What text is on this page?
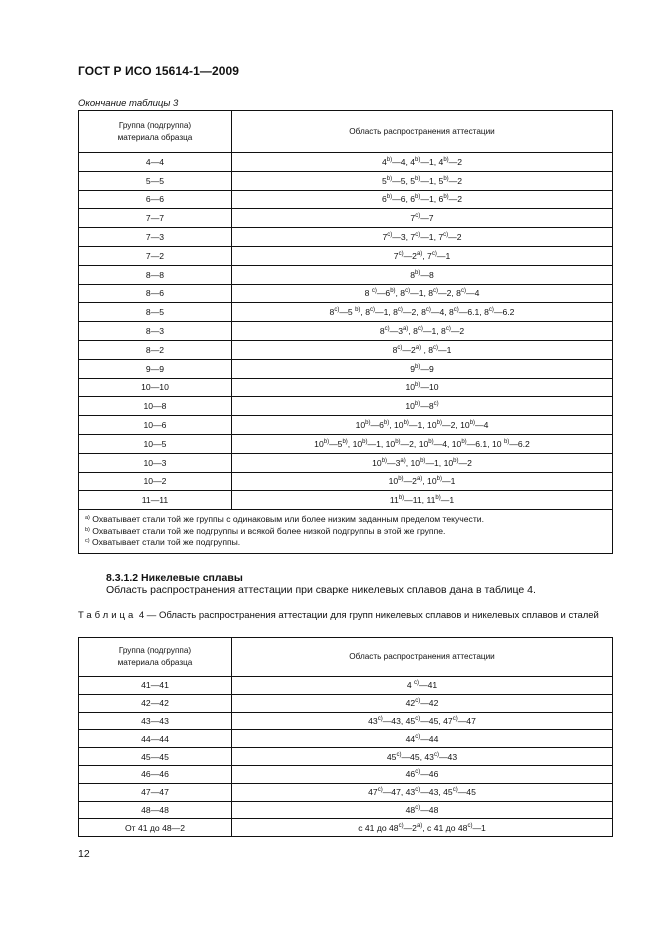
ГОСТ Р ИСО 15614-1—2009
Окончание таблицы 3
Группа (подгруппа)
материала образца	Область распространения аттестации
4—4	4$^{b)}$—4, 4$^{b)}$—1, 4$^{b)}$—2
5—5	5$^{b)}$—5, 5$^{b)}$—1, 5$^{b)}$—2
6—6	6$^{b)}$—6, 6$^{b)}$—1, 6$^{b)}$—2
7—7	7$^{c)}$—7
7—3	7$^{c)}$—3, 7$^{c)}$—1, 7$^{c)}$—2
7—2	7$^{c)}$—2$^{a)}$, 7$^{c)}$—1
8—8	8$^{b)}$—8
8—6	8 $^{c)}$—6$^{b)}$, 8$^{c)}$—1, 8$^{c)}$—2, 8$^{c)}$—4
8—5	8$^{c)}$—5 $^{b)}$, 8$^{c)}$—1, 8$^{c)}$—2, 8$^{c)}$—4, 8$^{c)}$—6.1, 8$^{c)}$—6.2
8—3	8$^{c)}$—3$^{a)}$, 8$^{c)}$—1, 8$^{c)}$—2
8—2	8$^{c)}$—2$^{a)}$ , 8$^{c)}$—1
9—9	9$^{b)}$—9
10—10	10$^{b)}$—10
10—8	10$^{b)}$—8$^{c)}$
10—6	10$^{b)}$—6$^{b)}$, 10$^{b)}$—1, 10$^{b)}$—2, 10$^{b)}$—4
10—5	10$^{b)}$—5$^{b)}$, 10$^{b)}$—1, 10$^{b)}$—2, 10$^{b)}$—4, 10$^{b)}$—6.1, 10 $^{b)}$—6.2
10—3	10$^{b)}$—3$^{a)}$, 10$^{b)}$—1, 10$^{b)}$—2
10—2	10$^{b)}$—2$^{a)}$, 10$^{b)}$—1
11—11	11$^{b)}$—11, 11$^{b)}$—1

$^{a)}$ Охватывает стали той же группы с одинаковым или более низким заданным пределом текучести.
$^{b)}$ Охватывает стали той же подгруппы и всякой более низкой подгруппы в этой же группе.
$^{c)}$ Охватывает стали той же подгруппы.	
8.3.1.2 Никелевые сплавы
Область распространения аттестации при сварке никелевых сплавов дана в таблице 4.
Таблица 4 — Область распространения аттестации для групп никелевых сплавов и никелевых сплавов и сталей
Группа (подгруппа)
материала образца	Область распространения аттестации
41—41	4 $^{c)}$—41
42—42	42$^{c)}$—42
43—43	43$^{c)}$—43, 45$^{c)}$—45, 47$^{c)}$—47
44—44	44$^{c)}$—44
45—45	45$^{c)}$—45, 43$^{c)}$—43
46—46	46$^{c)}$—46
47—47	47$^{c)}$—47, 43$^{c)}$—43, 45$^{c)}$—45
48—48	48$^{c)}$—48
От 41 до 48—2	с 41 до 48$^{c)}$—2$^{a)}$, с 41 до 48$^{c)}$—1
12
